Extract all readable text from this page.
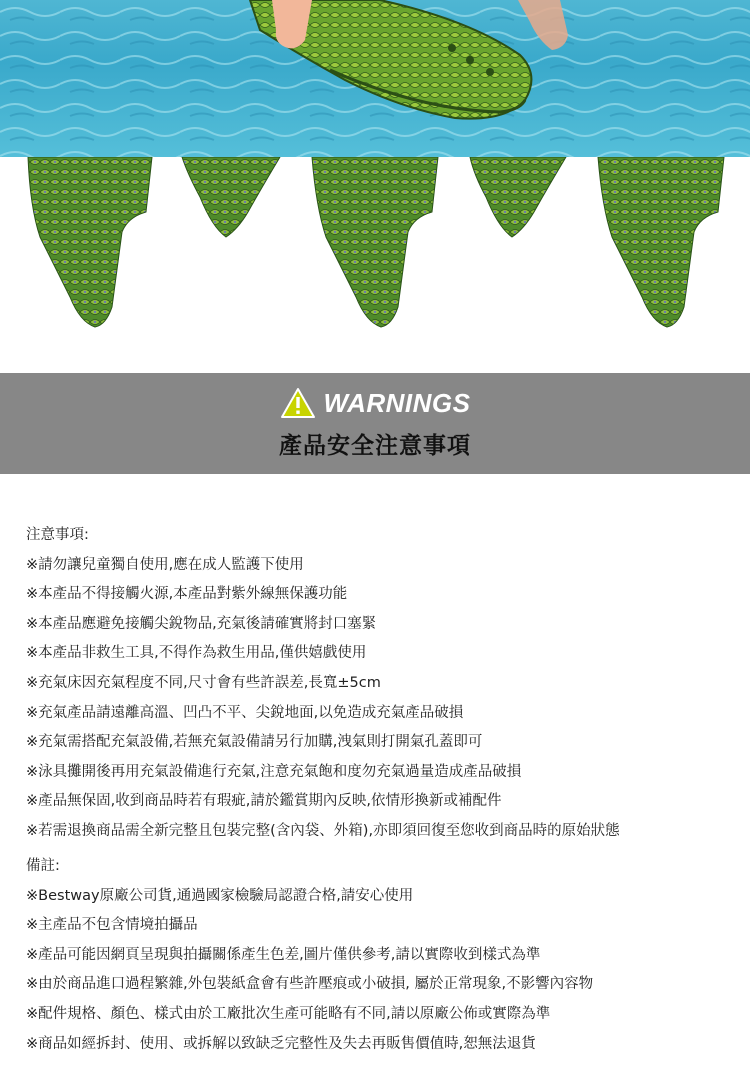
WARNINGS
產品安全注意事項
注意事項:
※請勿讓兒童獨自使用,應在成人監護下使用
※本產品不得接觸火源,本產品對紫外線無保護功能
※本產品應避免接觸尖銳物品,充氣後請確實將封口塞緊
※本產品非救生工具,不得作為救生用品,僅供嬉戲使用
※充氣床因充氣程度不同,尺寸會有些許誤差,長寬±5cm
※充氣產品請遠離高溫、凹凸不平、尖銳地面,以免造成充氣產品破損
※充氣需搭配充氣設備,若無充氣設備請另行加購,洩氣則打開氣孔蓋即可
※泳具攤開後再用充氣設備進行充氣,注意充氣飽和度勿充氣過量造成產品破損
※產品無保固,收到商品時若有瑕疵,請於鑑賞期內反映,依情形換新或補配件
※若需退換商品需全新完整且包裝完整(含內袋、外箱),亦即須回復至您收到商品時的原始狀態
備註:
※Bestway原廠公司貨,通過國家檢驗局認證合格,請安心使用
※主產品不包含情境拍攝品
※產品可能因網頁呈現與拍攝關係產生色差,圖片僅供參考,請以實際收到樣式為準
※由於商品進口過程繁雜,外包裝紙盒會有些許壓痕或小破損, 屬於正常現象,不影響內容物
※配件規格、顏色、樣式由於工廠批次生產可能略有不同,請以原廠公佈或實際為準
※商品如經拆封、使用、或拆解以致缺乏完整性及失去再販售價值時,恕無法退貨
